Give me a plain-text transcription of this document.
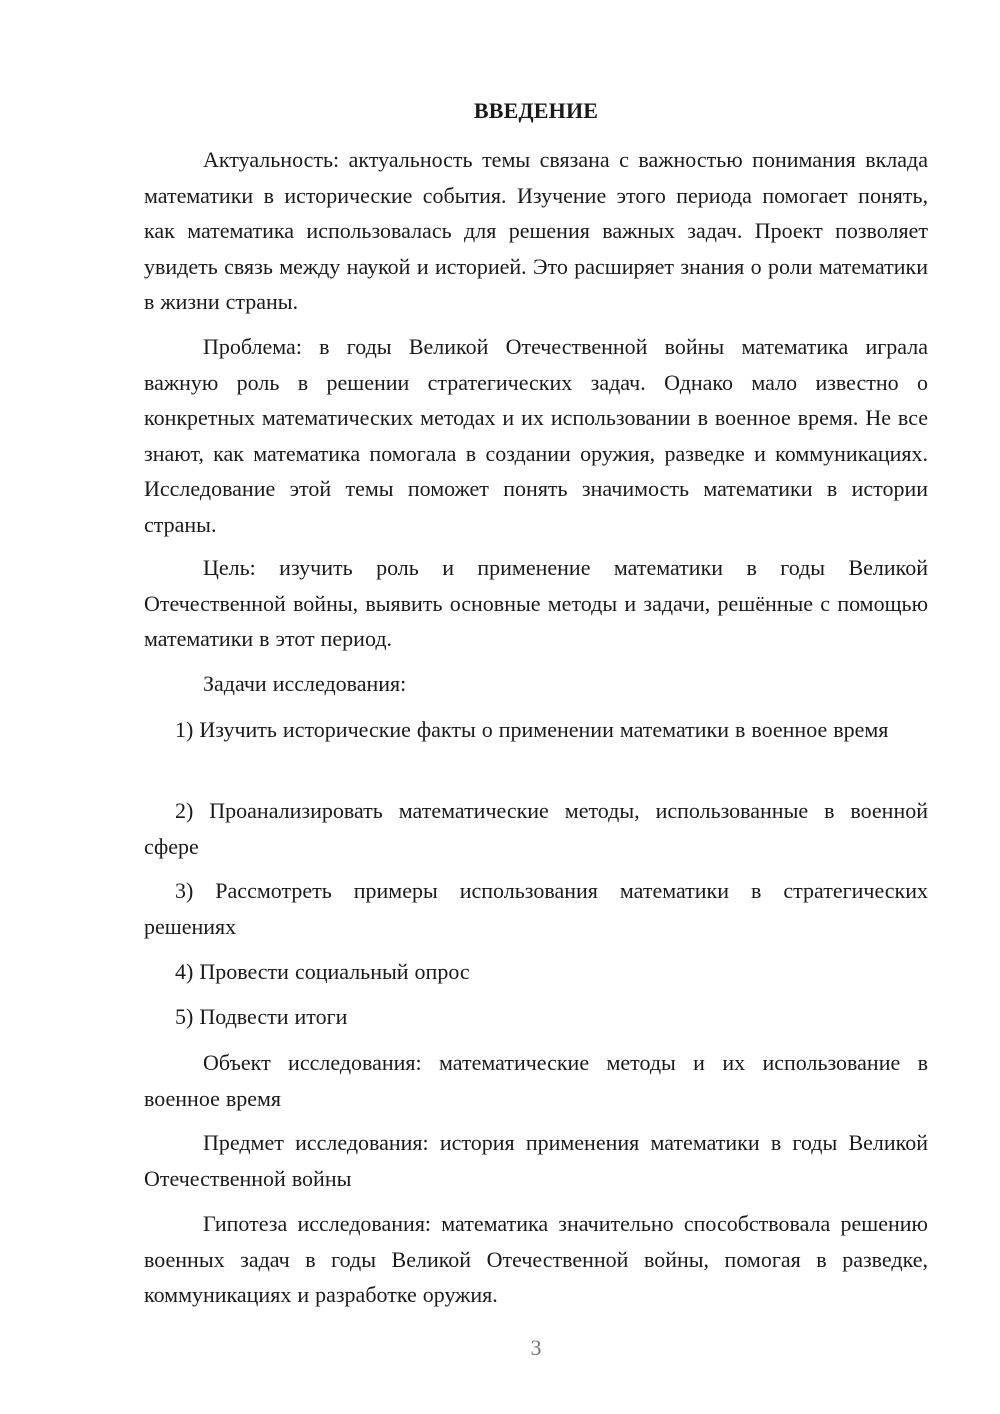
ВВЕДЕНИЕ
Актуальность: актуальность темы связана с важностью понимания вклада математики в исторические события. Изучение этого периода помогает понять, как математика использовалась для решения важных задач. Проект позволяет увидеть связь между наукой и историей. Это расширяет знания о роли математики в жизни страны.
Проблема: в годы Великой Отечественной войны математика играла важную роль в решении стратегических задач. Однако мало известно о конкретных математических методах и их использовании в военное время. Не все знают, как математика помогала в создании оружия, разведке и коммуникациях. Исследование этой темы поможет понять значимость математики в истории страны.
Цель: изучить роль и применение математики в годы Великой Отечественной войны, выявить основные методы и задачи, решённые с помощью математики в этот период.
Задачи исследования:
1) Изучить исторические факты о применении математики в военное время
2) Проанализировать математические методы, использованные в военной сфере
3) Рассмотреть примеры использования математики в стратегических решениях
4) Провести социальный опрос
5) Подвести итоги
Объект исследования: математические методы и их использование в военное время
Предмет исследования: история применения математики в годы Великой Отечественной войны
Гипотеза исследования: математика значительно способствовала решению военных задач в годы Великой Отечественной войны, помогая в разведке, коммуникациях и разработке оружия.
3
